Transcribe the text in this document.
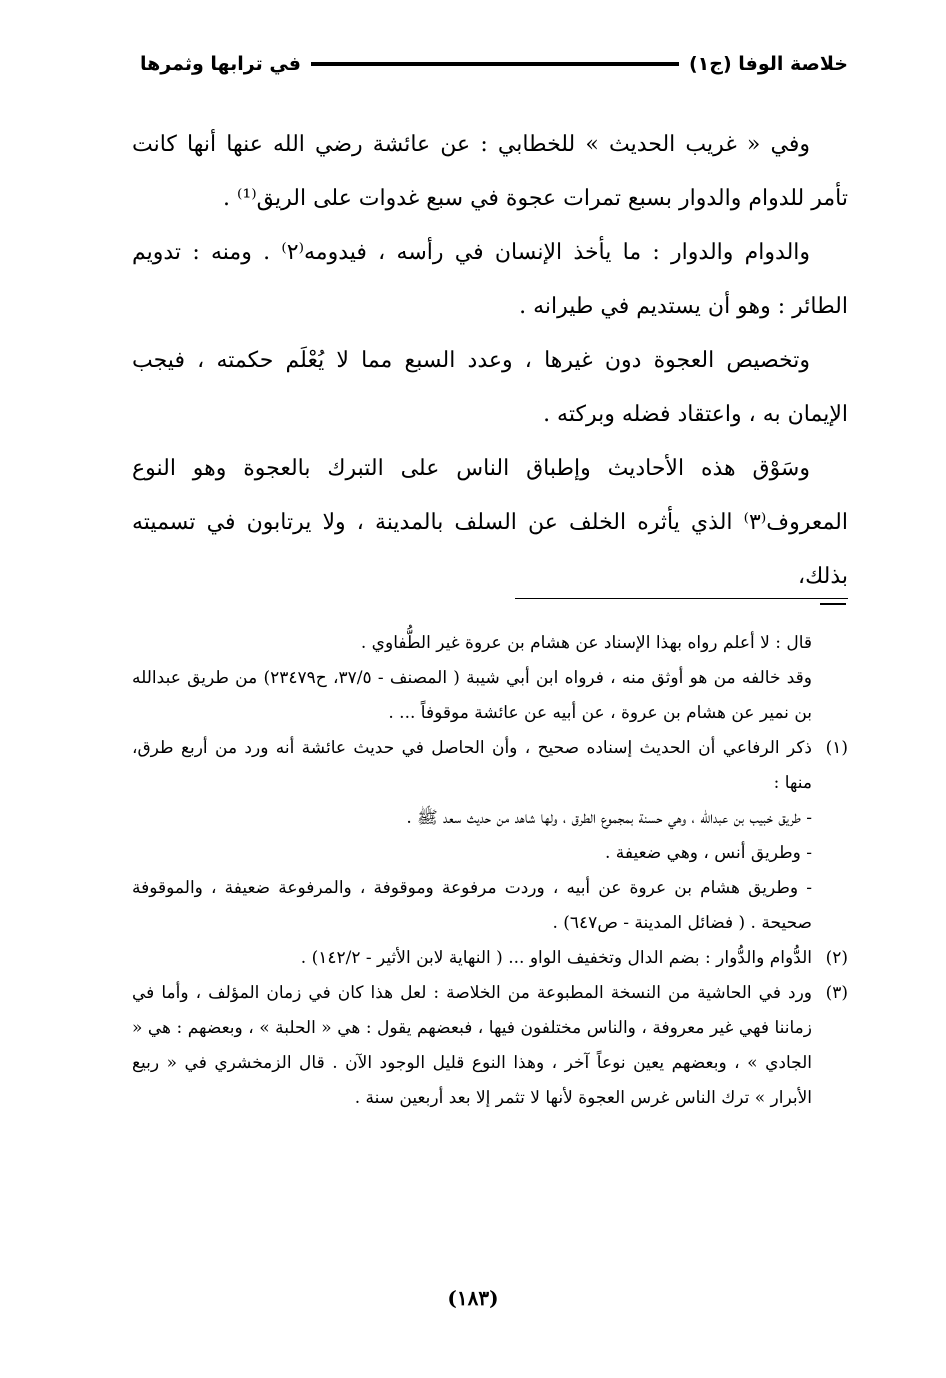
خلاصة الوفا (ج١)
في ترابها وثمرها

وفي « غريب الحديث » للخطابي : عن عائشة رضي الله عنها أنها كانت تأمر للدوام والدوار بسبع تمرات عجوة في سبع غدوات على الريق⁽¹⁾ .

والدوام والدوار : ما يأخذ الإنسان في رأسه ، فيدومه⁽٢⁾ . ومنه : تدويم الطائر : وهو أن يستديم في طيرانه .

وتخصيص العجوة دون غيرها ، وعدد السبع مما لا يُعْلَم حكمته ، فيجب الإيمان به ، واعتقاد فضله وبركته .

وسَوْق هذه الأحاديث وإطباق الناس على التبرك بالعجوة وهو النوع المعروف⁽٣⁾ الذي يأثره الخلف عن السلف بالمدينة ، ولا يرتابون في تسميته بذلك،

قال : لا أعلم رواه بهذا الإسناد عن هشام بن عروة غير الطُّفاوي .

وقد خالفه من هو أوثق منه ، فرواه ابن أبي شيبة ( المصنف - ٣٧/٥، ح٢٣٤٧٩) من طريق عبدالله بن نمير عن هشام بن عروة ، عن أبيه عن عائشة موقوفاً ... .

(١)
ذكر الرفاعي أن الحديث إسناده صحيح ، وأن الحاصل في حديث عائشة أنه ورد من أربع طرق، منها :
- طريق خبيب بن عبدالله ، وهي حسنة بمجموع الطرق ، ولها شاهد من حديث سعد ﷺ .
- وطريق أنس ، وهي ضعيفة .
- وطريق هشام بن عروة عن أبيه ، وردت مرفوعة وموقوفة ، والمرفوعة ضعيفة ، والموقوفة صحيحة . ( فضائل المدينة - ص٦٤٧) .
(٢)
الدُّوام والدُّوار : بضم الدال وتخفيف الواو ... ( النهاية لابن الأثير - ١٤٢/٢) .
(٣)
ورد في الحاشية من النسخة المطبوعة من الخلاصة : لعل هذا كان في زمان المؤلف ، وأما في زماننا فهي غير معروفة ، والناس مختلفون فيها ، فبعضهم يقول : هي « الحلبة » ، وبعضهم : هي « الجادي » ، وبعضهم يعين نوعاً آخر ، وهذا النوع قليل الوجود الآن . قال الزمخشري في « ربيع الأبرار » ترك الناس غرس العجوة لأنها لا تثمر إلا بعد أربعين سنة .
(١٨٣)
